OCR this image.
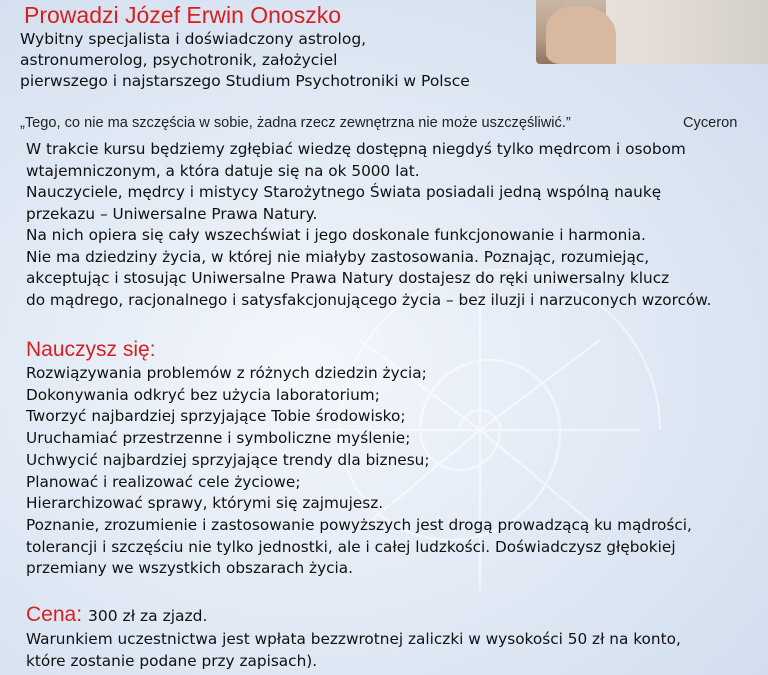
Prowadzi Józef Erwin Onoszko
Wybitny specjalista i doświadczony astrolog,
astronumerolog, psychotronik, założyciel
pierwszego i najstarszego Studium Psychotroniki w Polsce
„Tego, co nie ma szczęścia w sobie, żadna rzecz zewnętrzna nie może uszczęśliwić.”	Cyceron
W trakcie kursu będziemy zgłębiać wiedzę dostępną niegdyś tylko mędrcom i osobom
wtajemniczonym, a która datuje się na ok 5000 lat.
Nauczyciele, mędrcy i mistycy Starożytnego Świata posiadali jedną wspólną naukę
przekazu – Uniwersalne Prawa Natury.
Na nich opiera się cały wszechświat i jego doskonale funkcjonowanie i harmonia.
Nie ma dziedziny życia, w której nie miałyby zastosowania. Poznając, rozumiejąc,
akceptując i stosując Uniwersalne Prawa Natury dostajesz do ręki uniwersalny klucz
do mądrego, racjonalnego i satysfakcjonującego życia – bez iluzji i narzuconych wzorców.
Nauczysz się:
Rozwiązywania problemów z różnych dziedzin życia;
Dokonywania odkryć bez użycia laboratorium;
Tworzyć najbardziej sprzyjające Tobie środowisko;
Uruchamiać przestrzenne i symboliczne myślenie;
Uchwycić najbardziej sprzyjające trendy dla biznesu;
Planować i realizować cele życiowe;
Hierarchizować sprawy, którymi się zajmujesz.
Poznanie, zrozumienie i zastosowanie powyższych jest drogą prowadzącą ku mądrości,
tolerancji i szczęściu nie tylko jednostki, ale i całej ludzkości. Doświadczysz głębokiej
przemiany we wszystkich obszarach życia.
Cena: 300 zł za zjazd.
Warunkiem uczestnictwa jest wpłata bezzwrotnej zaliczki w wysokości 50 zł na konto,
które zostanie podane przy zapisach).
